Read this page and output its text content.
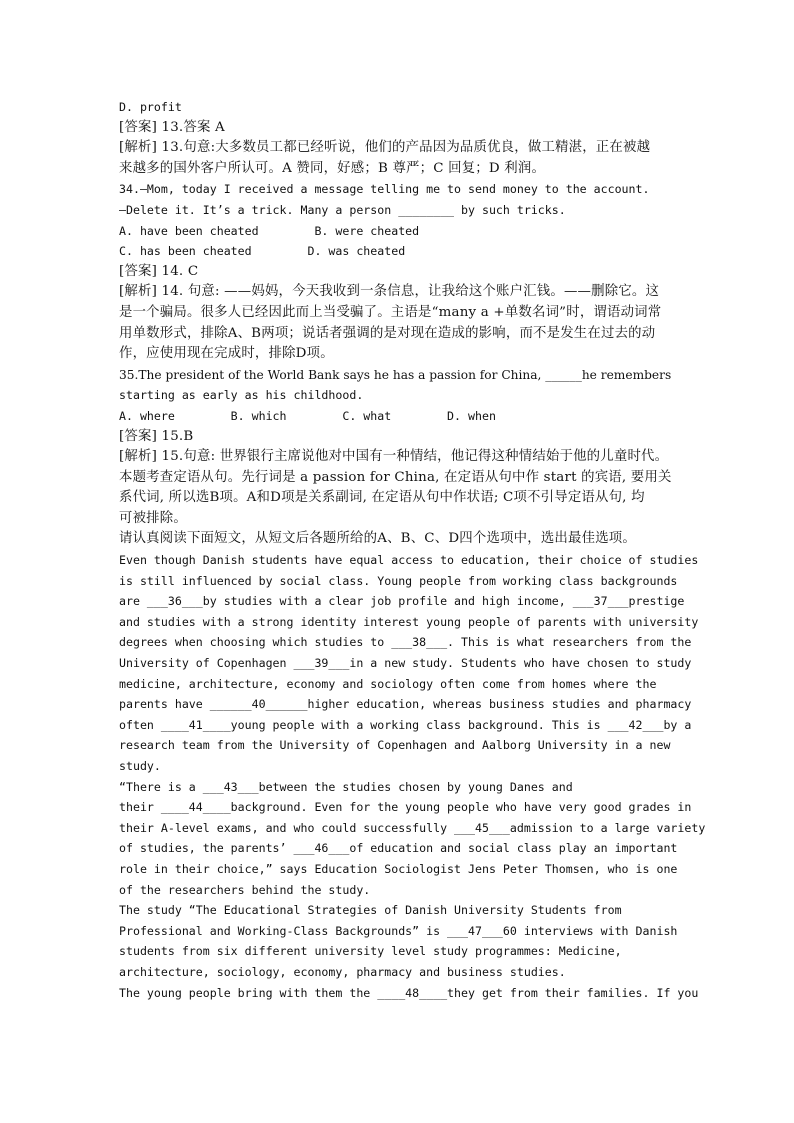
D. profit
[答案] 13.答案 A
[解析] 13.句意:大多数员工都已经听说，他们的产品因为品质优良，做工精湛，正在被越
来越多的国外客户所认可。A 赞同，好感；B 尊严；C 回复；D 利润。
34.—Mom, today I received a message telling me to send money to the account.
—Delete it. It’s a trick. Many a person ________ by such tricks.
A. have been cheated        B. were cheated
C. has been cheated        D. was cheated
[答案] 14. C
[解析] 14. 句意: ——妈妈，今天我收到一条信息，让我给这个账户汇钱。——删除它。这
是一个骗局。很多人已经因此而上当受骗了。主语是“many a +单数名词”时，谓语动词常
用单数形式，排除A、B两项；说话者强调的是对现在造成的影响，而不是发生在过去的动
作，应使用现在完成时，排除D项。
35.The president of the World Bank says he has a passion for China, ______he remembers
starting as early as his childhood.
A. where        B. which        C. what        D. when
[答案] 15.B
[解析] 15.句意: 世界银行主席说他对中国有一种情结，他记得这种情结始于他的儿童时代。
本题考查定语从句。先行词是 a passion for China, 在定语从句中作 start 的宾语, 要用关
系代词, 所以选B项。A和D项是关系副词, 在定语从句中作状语; C项不引导定语从句, 均
可被排除。
请认真阅读下面短文，从短文后各题所给的A、B、C、D四个选项中，选出最佳选项。
Even though Danish students have equal access to education, their choice of studies
is still influenced by social class. Young people from working class backgrounds
are ___36___by studies with a clear job profile and high income, ___37___prestige
and studies with a strong identity interest young people of parents with university
degrees when choosing which studies to ___38___. This is what researchers from the
University of Copenhagen ___39___in a new study. Students who have chosen to study
medicine, architecture, economy and sociology often come from homes where the
parents have ______40______higher education, whereas business studies and pharmacy
often ____41____young people with a working class background. This is ___42___by a
research team from the University of Copenhagen and Aalborg University in a new
study.
“There is a ___43___between the studies chosen by young Danes and
their ____44____background. Even for the young people who have very good grades in
their A-level exams, and who could successfully ___45___admission to a large variety
of studies, the parents’ ___46___of education and social class play an important
role in their choice,” says Education Sociologist Jens Peter Thomsen, who is one
of the researchers behind the study.
The study “The Educational Strategies of Danish University Students from
Professional and Working-Class Backgrounds” is ___47___60 interviews with Danish
students from six different university level study programmes: Medicine,
architecture, sociology, economy, pharmacy and business studies.
The young people bring with them the ____48____they get from their families. If you
